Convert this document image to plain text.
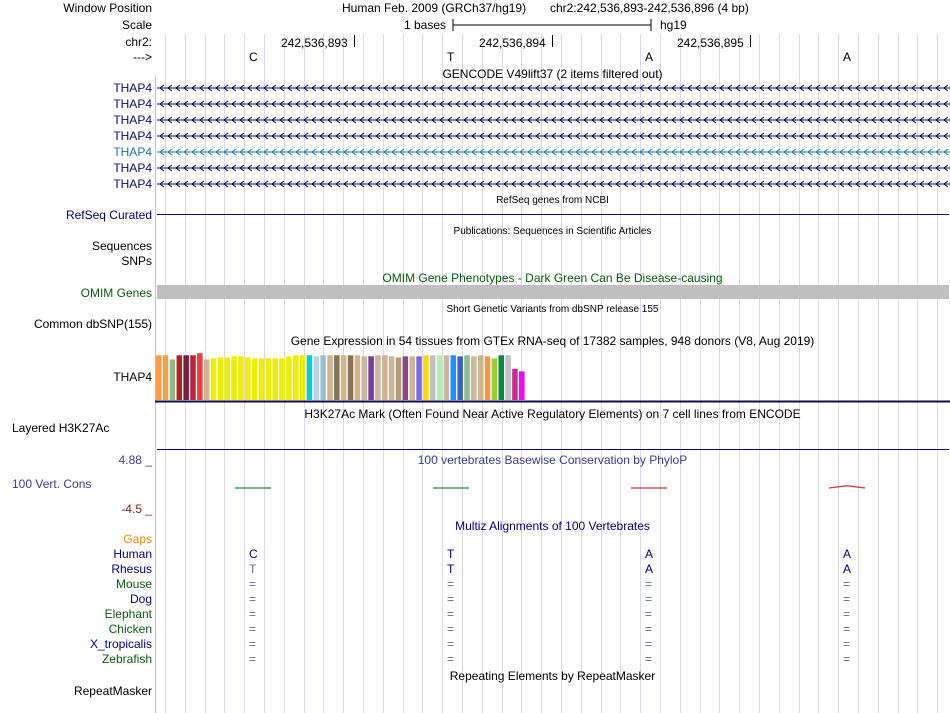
Window Position	Human Feb. 2009 (GRCh37/hg19) chr2:242,536,893-242,536,896 (4 bp)
Scale	1 bases	hg19
chr2:	242,536,893	242,536,894	242,536,895
--->	C	T	A	A
GENCODE V49lift37 (2 items filtered out)
THAP4
THAP4
THAP4
THAP4
THAP4
THAP4
THAP4
RefSeq genes from NCBI
RefSeq Curated
Publications: Sequences in Scientific Articles
Sequences
SNPs
OMIM Gene Phenotypes - Dark Green Can Be Disease-causing
OMIM Genes
Short Genetic Variants from dbSNP release 155
Common dbSNP(155)
Gene Expression in 54 tissues from GTEx RNA-seq of 17382 samples, 948 donors (V8, Aug 2019)
THAP4
H3K27Ac Mark (Often Found Near Active Regulatory Elements) on 7 cell lines from ENCODE
Layered H3K27Ac
100 vertebrates Basewise Conservation by PhyloP
4.88 _
100 Vert. Cons
-4.5 _
Multiz Alignments of 100 Vertebrates
Gaps
Human	C	T	A	A
Rhesus	T	T	A	A
Mouse	=	=	=	=
Dog	=	=	=	=
Elephant	=	=	=	=
Chicken	=	=	=	=
X_tropicalis	=	=	=	=
Zebrafish	=	=	=	=
Repeating Elements by RepeatMasker
RepeatMasker
